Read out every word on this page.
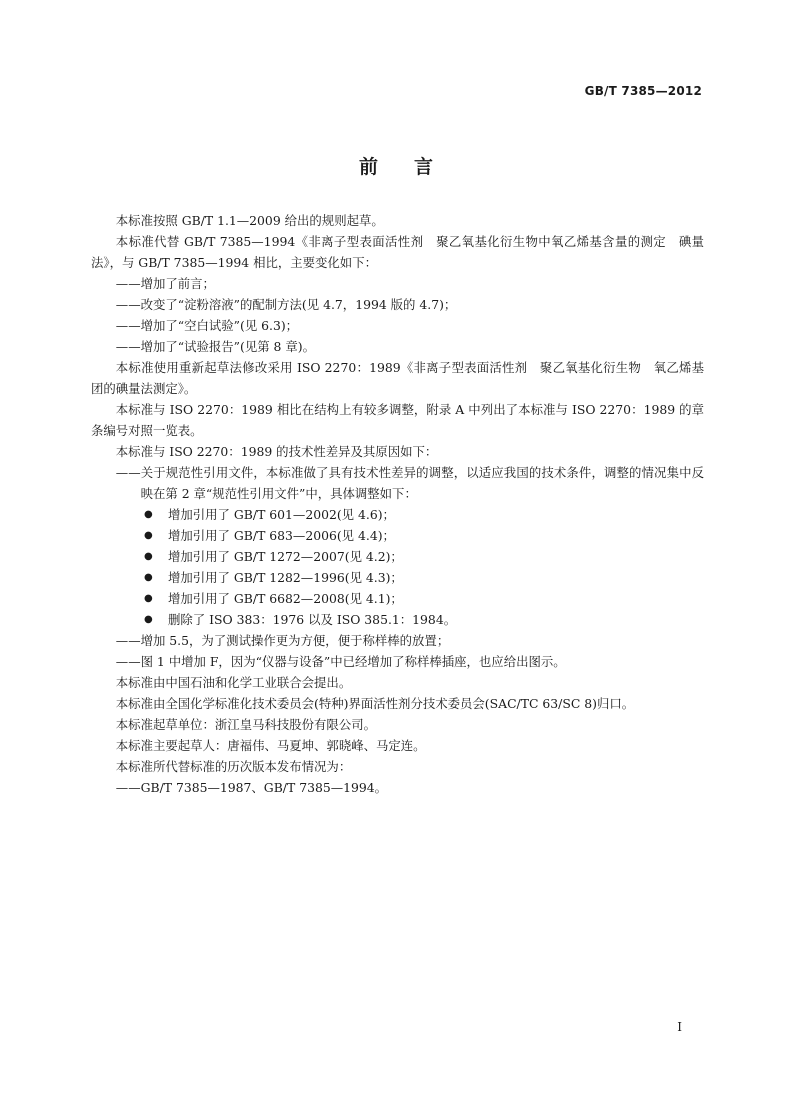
GB/T 7385—2012
前言

本标准按照 GB/T 1.1—2009 给出的规则起草。

本标准代替 GB/T 7385—1994《非离子型表面活性剂　聚乙氧基化衍生物中氧乙烯基含量的测定　碘量法》，与 GB/T 7385—1994 相比，主要变化如下：

——增加了前言；

——改变了“淀粉溶液”的配制方法(见 4.7，1994 版的 4.7)；

——增加了“空白试验”(见 6.3)；

——增加了“试验报告”(见第 8 章)。

本标准使用重新起草法修改采用 ISO 2270：1989《非离子型表面活性剂　聚乙氧基化衍生物　氧乙烯基团的碘量法测定》。

本标准与 ISO 2270：1989 相比在结构上有较多调整，附录 A 中列出了本标准与 ISO 2270：1989 的章条编号对照一览表。

本标准与 ISO 2270：1989 的技术性差异及其原因如下：

——关于规范性引用文件，本标准做了具有技术性差异的调整，以适应我国的技术条件，调整的情况集中反映在第 2 章“规范性引用文件”中，具体调整如下：

● 增加引用了 GB/T 601—2002(见 4.6)；

● 增加引用了 GB/T 683—2006(见 4.4)；

● 增加引用了 GB/T 1272—2007(见 4.2)；

● 增加引用了 GB/T 1282—1996(见 4.3)；

● 增加引用了 GB/T 6682—2008(见 4.1)；

● 删除了 ISO 383：1976 以及 ISO 385.1：1984。

——增加 5.5，为了测试操作更为方便，便于称样棒的放置；

——图 1 中增加 F，因为“仪器与设备”中已经增加了称样棒插座，也应给出图示。

本标准由中国石油和化学工业联合会提出。

本标准由全国化学标准化技术委员会(特种)界面活性剂分技术委员会(SAC/TC 63/SC 8)归口。

本标准起草单位：浙江皇马科技股份有限公司。

本标准主要起草人：唐福伟、马夏坤、郭晓峰、马定连。

本标准所代替标准的历次版本发布情况为：

——GB/T 7385—1987、GB/T 7385—1994。

I
